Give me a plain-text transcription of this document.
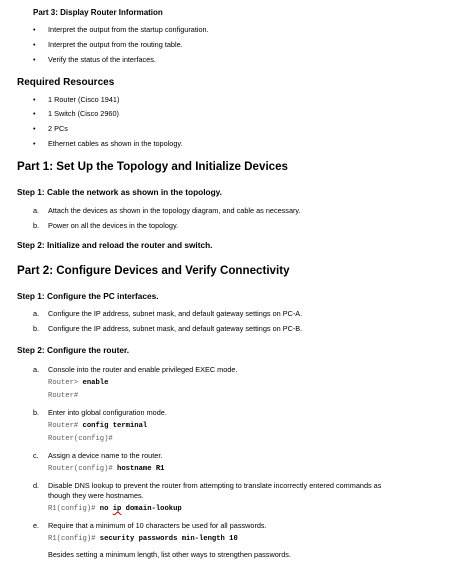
Part 3: Display Router Information
• Interpret the output from the startup configuration.
• Interpret the output from the routing table.
• Verify the status of the interfaces.
Required Resources
• 1 Router (Cisco 1941)
• 1 Switch (Cisco 2960)
• 2 PCs
• Ethernet cables as shown in the topology.
Part 1: Set Up the Topology and Initialize Devices
Step 1: Cable the network as shown in the topology.
a. Attach the devices as shown in the topology diagram, and cable as necessary.
b. Power on all the devices in the topology.
Step 2: Initialize and reload the router and switch.
Part 2: Configure Devices and Verify Connectivity
Step 1: Configure the PC interfaces.
a. Configure the IP address, subnet mask, and default gateway settings on PC-A.
b. Configure the IP address, subnet mask, and default gateway settings on PC-B.
Step 2: Configure the router.
a. Console into the router and enable privileged EXEC mode.
Router> enable
Router#
b. Enter into global configuration mode.
Router# config terminal
Router(config)#
c. Assign a device name to the router.
Router(config)# hostname R1
d. Disable DNS lookup to prevent the router from attempting to translate incorrectly entered commands as
though they were hostnames.
R1(config)# no ip domain-lookup
e. Require that a minimum of 10 characters be used for all passwords.
R1(config)# security passwords min-length 10
Besides setting a minimum length, list other ways to strengthen passwords.
